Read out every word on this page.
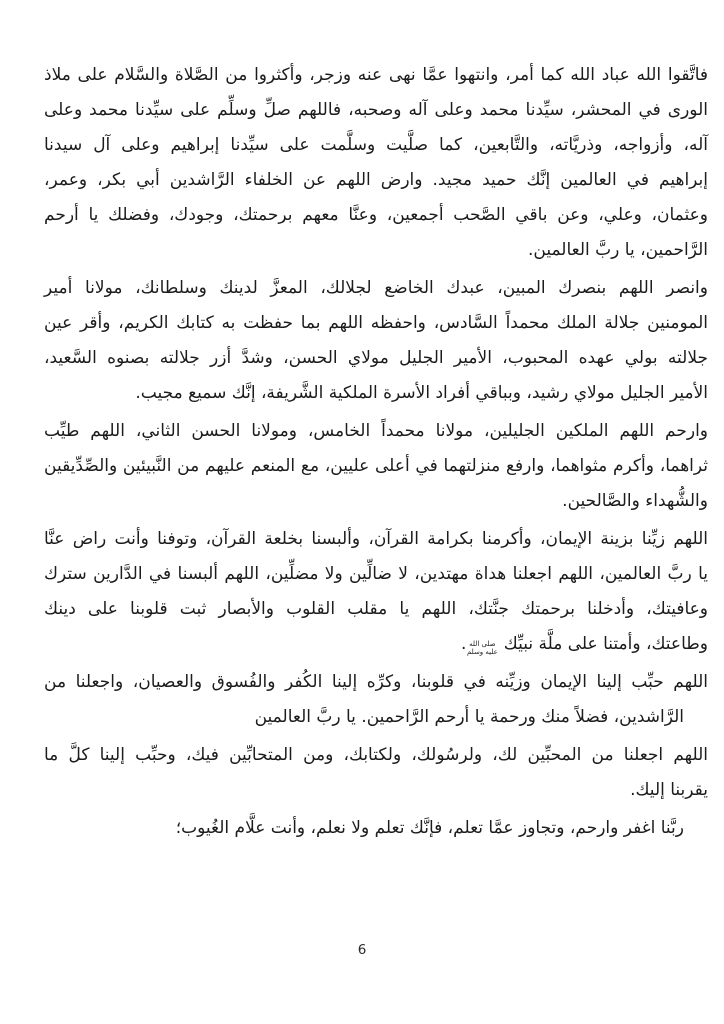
فاتَّقوا الله عباد الله كما أمر، وانتهوا عمَّا نهى عنه وزجر، وأكثروا من الصَّلاة والسَّلام على ملاذ
الورى في المحشر، سيِّدنا محمد وعلى آله وصحبه، فاللهم صلِّ وسلِّم على سيِّدنا محمد وعلى
آله، وأزواجه، وذريَّاته، والتَّابعين، كما صلَّيت وسلَّمت على سيِّدنا إبراهيم وعلى آل سيدنا
إبراهيم في العالمين إنَّك حميد مجيد. وارض اللهم عن الخلفاء الرَّاشدين أبي بكر، وعمر،
وعثمان، وعلي، وعن باقي الصَّحب أجمعين، وعنَّا معهم برحمتك، وجودك، وفضلك يا أرحم
الرَّاحمين، يا ربَّ العالمين.
وانصر اللهم بنصرك المبين، عبدك الخاضع لجلالك، المعزَّ لدينك وسلطانك، مولانا أمير
المومنين جلالة الملك محمداً السَّادس، واحفظه اللهم بما حفظت به كتابك الكريم، وأقر عين
جلالته بولي عهده المحبوب، الأمير الجليل مولاي الحسن، وشدَّ أزر جلالته بصنوه السَّعيد،
الأمير الجليل مولاي رشيد، وبباقي أفراد الأسرة الملكية الشَّريفة، إنَّك سميع مجيب.
وارحم اللهم الملكين الجليلين، مولانا محمداً الخامس، ومولانا الحسن الثاني، اللهم طيِّب
ثراهما، وأكرم مثواهما، وارفع منزلتهما في أعلى عليين، مع المنعم عليهم من النَّبيئين والصِّدِّيقين
والشُّهداء والصَّالحين.
اللهم زيِّنا بزينة الإيمان، وأكرمنا بكرامة القرآن، وألبسنا بخلعة القرآن، وتوفنا وأنت راض عنَّا
يا ربَّ العالمين، اللهم اجعلنا هداة مهتدين، لا ضالِّين ولا مضلِّين، اللهم ألبسنا في الدَّارين سترك
وعافيتك، وأدخلنا برحمتك جنَّتك، اللهم يا مقلب القلوب والأبصار ثبت قلوبنا على دينك
وطاعتك، وأمتنا على ملَّة نبيِّك صلى الله عليه وسلم.
اللهم حبِّب إلينا الإيمان وزيِّنه في قلوبنا، وكرِّه إلينا الكُفر والفُسوق والعصيان، واجعلنا من
الرَّاشدين، فضلاً منك ورحمة يا أرحم الرَّاحمين. يا ربَّ العالمين
اللهم اجعلنا من المحبِّين لك، ولرسُولك، ولكتابك، ومن المتحابِّين فيك، وحبِّب إلينا كلَّ ما
يقربنا إليك.
ربَّنا اغفر وارحم، وتجاوز عمَّا تعلم، فإنَّك تعلم ولا نعلم، وأنت علَّام الغُيوب؛
6
